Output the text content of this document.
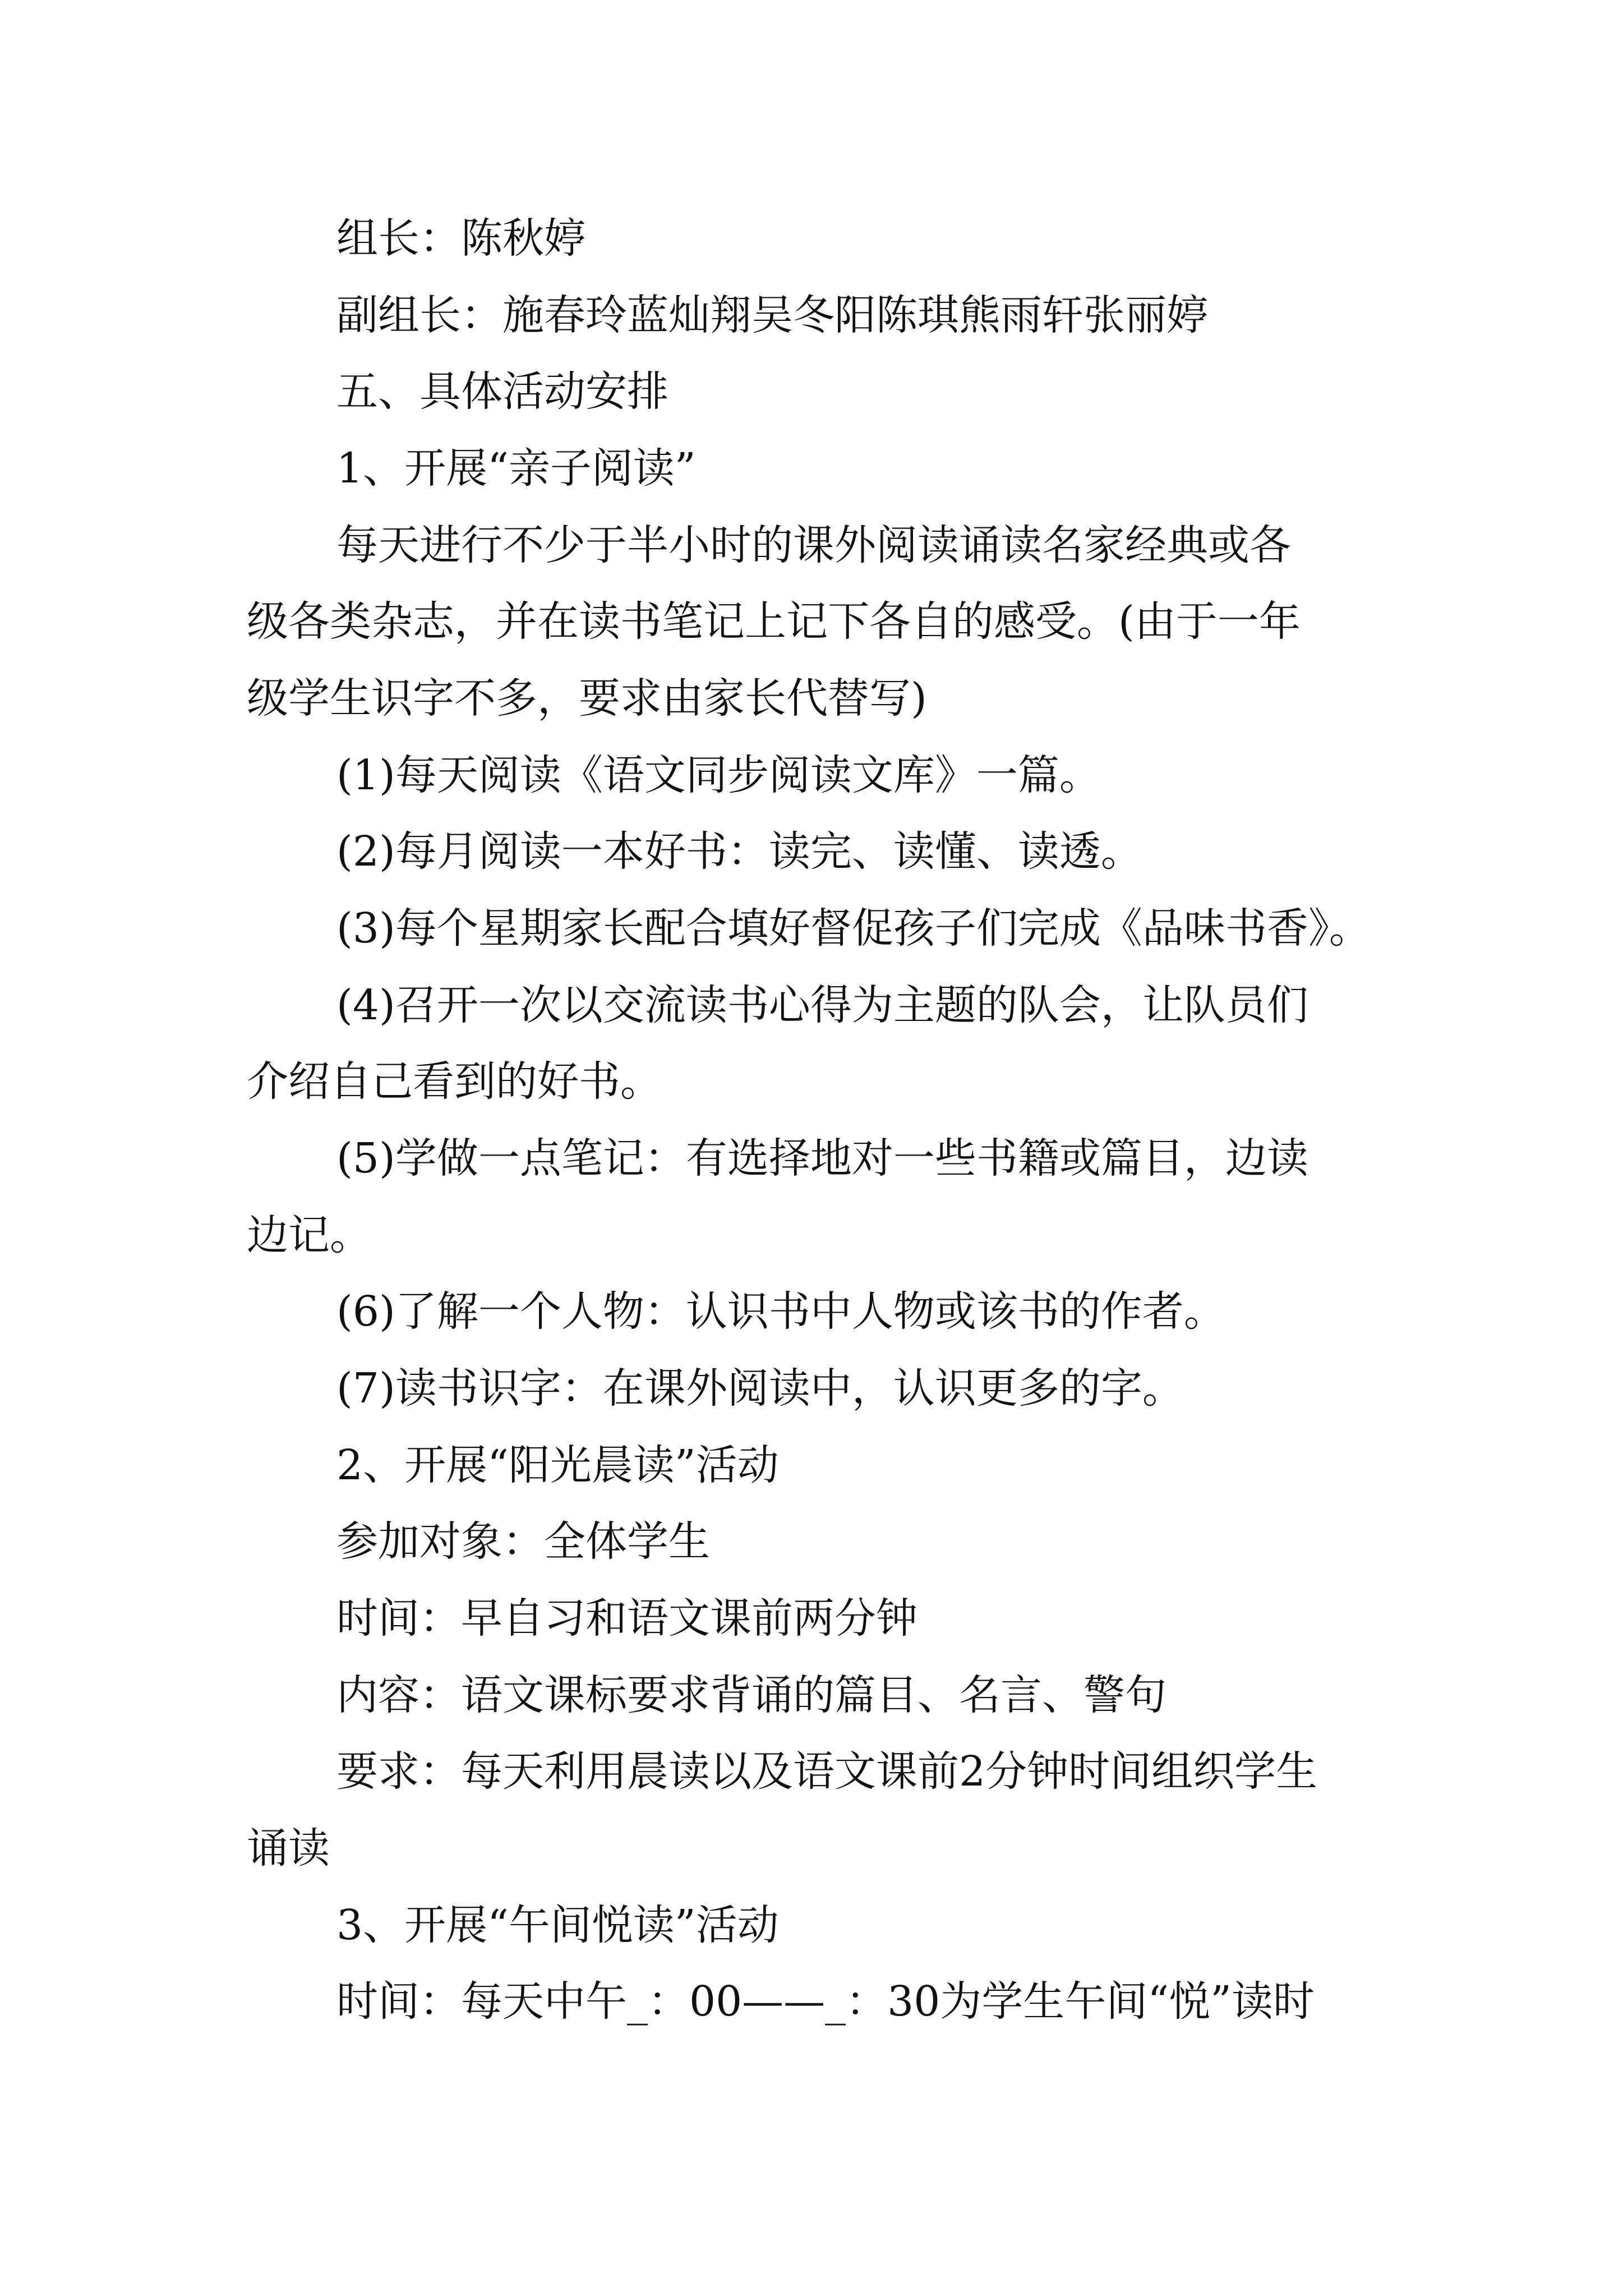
组长：陈秋婷
副组长：施春玲蓝灿翔吴冬阳陈琪熊雨轩张丽婷
五、具体活动安排
1、开展“亲子阅读”
每天进行不少于半小时的课外阅读诵读名家经典或各
级各类杂志，并在读书笔记上记下各自的感受。(由于一年
级学生识字不多，要求由家长代替写)
(1)每天阅读《语文同步阅读文库》一篇。
(2)每月阅读一本好书：读完、读懂、读透。
(3)每个星期家长配合填好督促孩子们完成《品味书香》。
(4)召开一次以交流读书心得为主题的队会，让队员们
介绍自己看到的好书。
(5)学做一点笔记：有选择地对一些书籍或篇目，边读
边记。
(6)了解一个人物：认识书中人物或该书的作者。
(7)读书识字：在课外阅读中，认识更多的字。
2、开展“阳光晨读”活动
参加对象：全体学生
时间：早自习和语文课前两分钟
内容：语文课标要求背诵的篇目、名言、警句
要求：每天利用晨读以及语文课前2分钟时间组织学生
诵读
3、开展“午间悦读”活动
时间：每天中午_：00——_：30为学生午间“悦”读时
